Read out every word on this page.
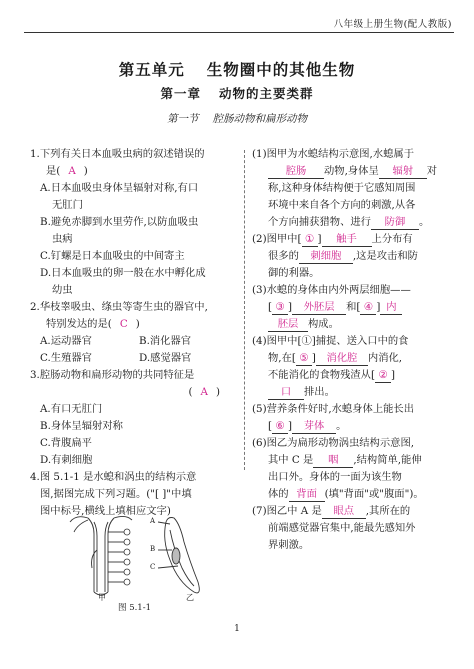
八年级上册生物(配人教版)
第五单元 生物圈中的其他生物
第一章 动物的主要类群
第一节 腔肠动物和扁形动物
1.下列有关日本血吸虫病的叙述错误的
是( A )
A.日本血吸虫身体呈辐射对称,有口
无肛门
B.避免赤脚到水里劳作,以防血吸虫
虫病
C.钉螺是日本血吸虫的中间寄主
D.日本血吸虫的卵一般在水中孵化成
幼虫
2.华枝睾吸虫、绦虫等寄生虫的器官中,
特别发达的是( C )
A.运动器官	B.消化器官
C.生殖器官	D.感觉器官
3.腔肠动物和扁形动物的共同特征是
( A )
A.有口无肛门
B.身体呈辐射对称
C.背腹扁平
D.有刺细胞
4.图 5.1-1 是水螅和涡虫的结构示意
图,据图完成下列习题。("[ ]"中填
图中标号,横线上填相应文字)
(1)图甲为水螅结构示意图,水螅属于
腔肠 动物,身体呈 辐射 对
称,这种身体结构便于它感知周围
环境中来自各个方向的刺激,从各
个方向捕获猎物、进行 防御 。
(2)图甲中[ ① ] 触手 上分布有
很多的 刺细胞 ,这是攻击和防
御的利器。
(3)水螅的身体由内外两层细胞——
[ ③ ] 外胚层 和[ ④ ] 内
胚层 构成。
(4)图甲中[①]捕捉、送入口中的食
物,在[ ⑤ ] 消化腔 内消化,
不能消化的食物残渣从[ ② ]
口 排出。
(5)营养条件好时,水螅身体上能长出
[ ⑥ ] 芽体 。
(6)图乙为扁形动物涡虫结构示意图,
其中 C 是 咽 ,结构简单,能伸
出口外。身体的一面为该生物
体的 背面 (填"背面"或"腹面")。
(7)图乙中 A 是 眼点 ,其所在的
前端感觉器官集中,能最先感知外
界刺激。
A
B
C
甲	乙
图 5.1-1
1
